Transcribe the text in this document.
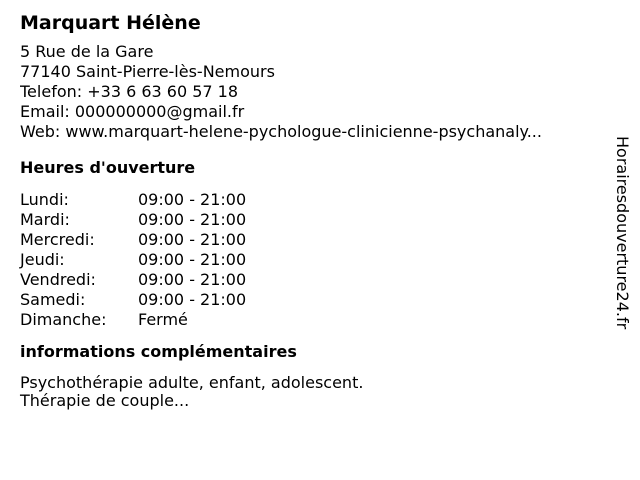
Marquart Hélène
5 Rue de la Gare
77140 Saint-Pierre-lès-Nemours
Telefon: +33 6 63 60 57 18
Email: 000000000@gmail.fr
Web: www.marquart-helene-pychologue-clinicienne-psychanaly...
Heures d'ouverture
Lundi:	09:00 - 21:00
Mardi:	09:00 - 21:00
Mercredi:	09:00 - 21:00
Jeudi:	09:00 - 21:00
Vendredi:	09:00 - 21:00
Samedi:	09:00 - 21:00
Dimanche:	Fermé
informations complémentaires
Psychothérapie adulte, enfant, adolescent.
Thérapie de couple...
Horairesdouverture24.fr
